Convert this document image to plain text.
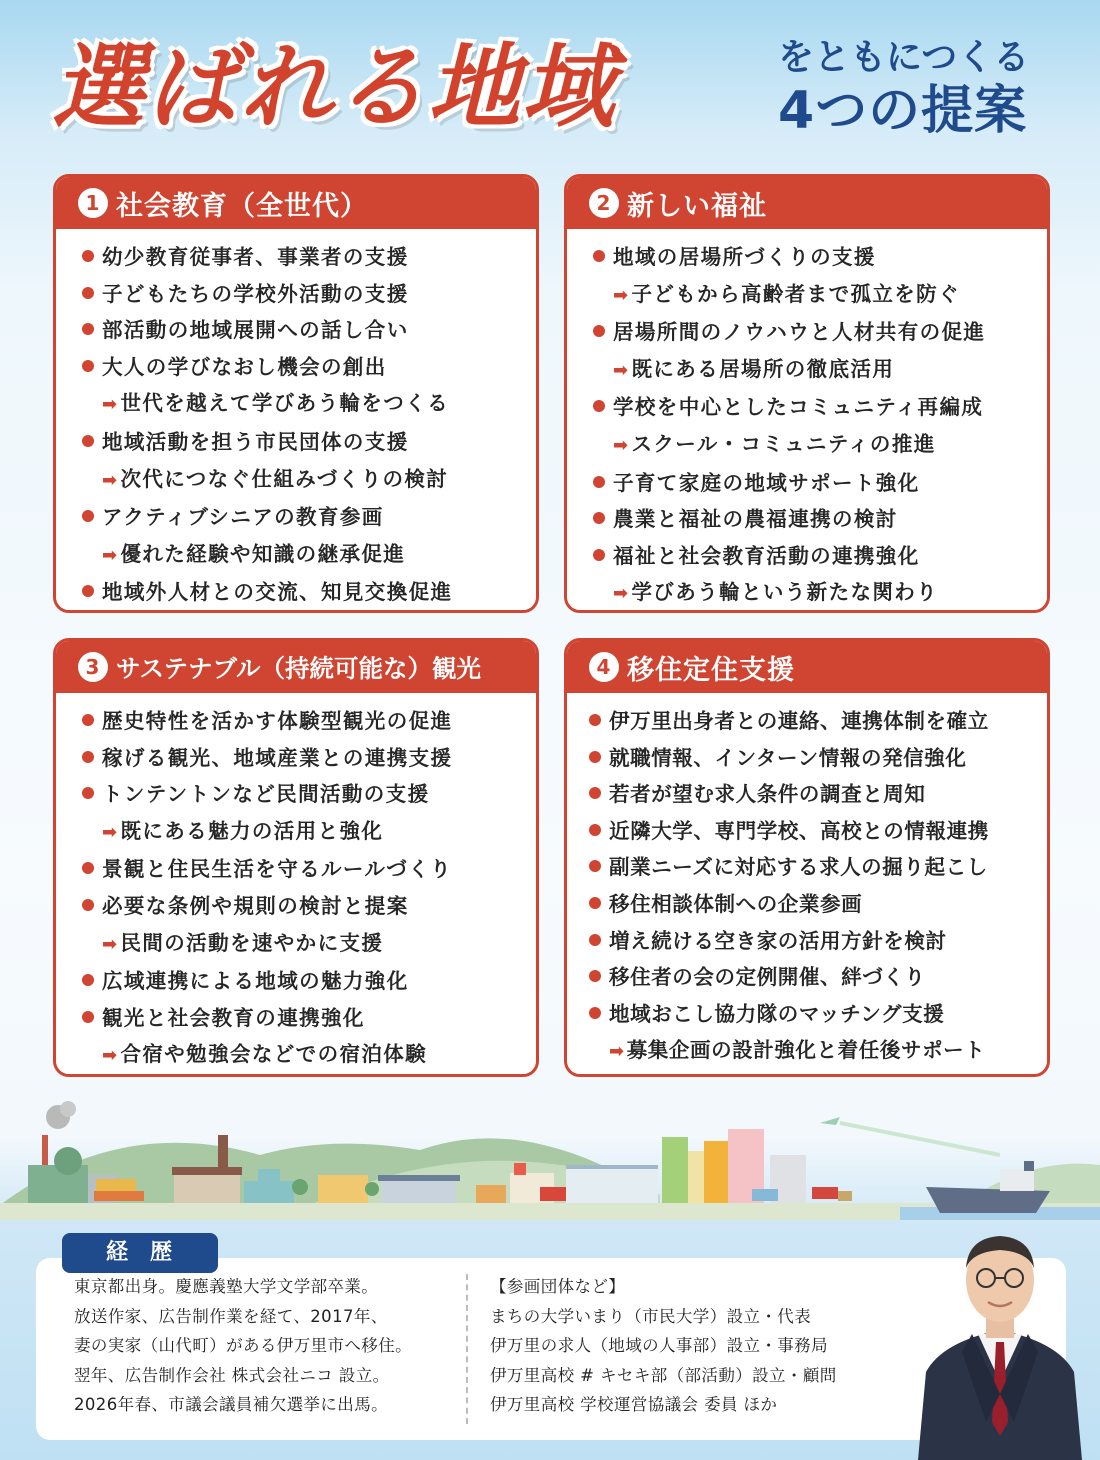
選ばれる地域	をともにつくる
4つの提案
1 社会教育（全世代）
幼少教育従事者、事業者の支援
子どもたちの学校外活動の支援
部活動の地域展開への話し合い
大人の学びなおし機会の創出
➡ 世代を越えて学びあう輪をつくる
地域活動を担う市民団体の支援
➡ 次代につなぐ仕組みづくりの検討
アクティブシニアの教育参画
➡ 優れた経験や知識の継承促進
地域外人材との交流、知見交換促進
2 新しい福祉
地域の居場所づくりの支援
➡ 子どもから高齢者まで孤立を防ぐ
居場所間のノウハウと人材共有の促進
➡ 既にある居場所の徹底活用
学校を中心としたコミュニティ再編成
➡ スクール・コミュニティの推進
子育て家庭の地域サポート強化
農業と福祉の農福連携の検討
福祉と社会教育活動の連携強化
➡ 学びあう輪という新たな関わり
3 サステナブル（持続可能な）観光
歴史特性を活かす体験型観光の促進
稼げる観光、地域産業との連携支援
トンテントンなど民間活動の支援
➡ 既にある魅力の活用と強化
景観と住民生活を守るルールづくり
必要な条例や規則の検討と提案
➡ 民間の活動を速やかに支援
広域連携による地域の魅力強化
観光と社会教育の連携強化
➡ 合宿や勉強会などでの宿泊体験
4 移住定住支援
伊万里出身者との連絡、連携体制を確立
就職情報、インターン情報の発信強化
若者が望む求人条件の調査と周知
近隣大学、専門学校、高校との情報連携
副業ニーズに対応する求人の掘り起こし
移住相談体制への企業参画
増え続ける空き家の活用方針を検討
移住者の会の定例開催、絆づくり
地域おこし協力隊のマッチング支援
➡ 募集企画の設計強化と着任後サポート
経歴

東京都出身。慶應義塾大学文学部卒業。

放送作家、広告制作業を経て、2017年、

妻の実家（山代町）がある伊万里市へ移住。

翌年、広告制作会社 株式会社ニコ 設立。

2026年春、市議会議員補欠選挙に出馬。

【参画団体など】

まちの大学いまり（市民大学）設立・代表

伊万里の求人（地域の人事部）設立・事務局

伊万里高校 # キセキ部（部活動）設立・顧問

伊万里高校 学校運営協議会 委員 ほか
